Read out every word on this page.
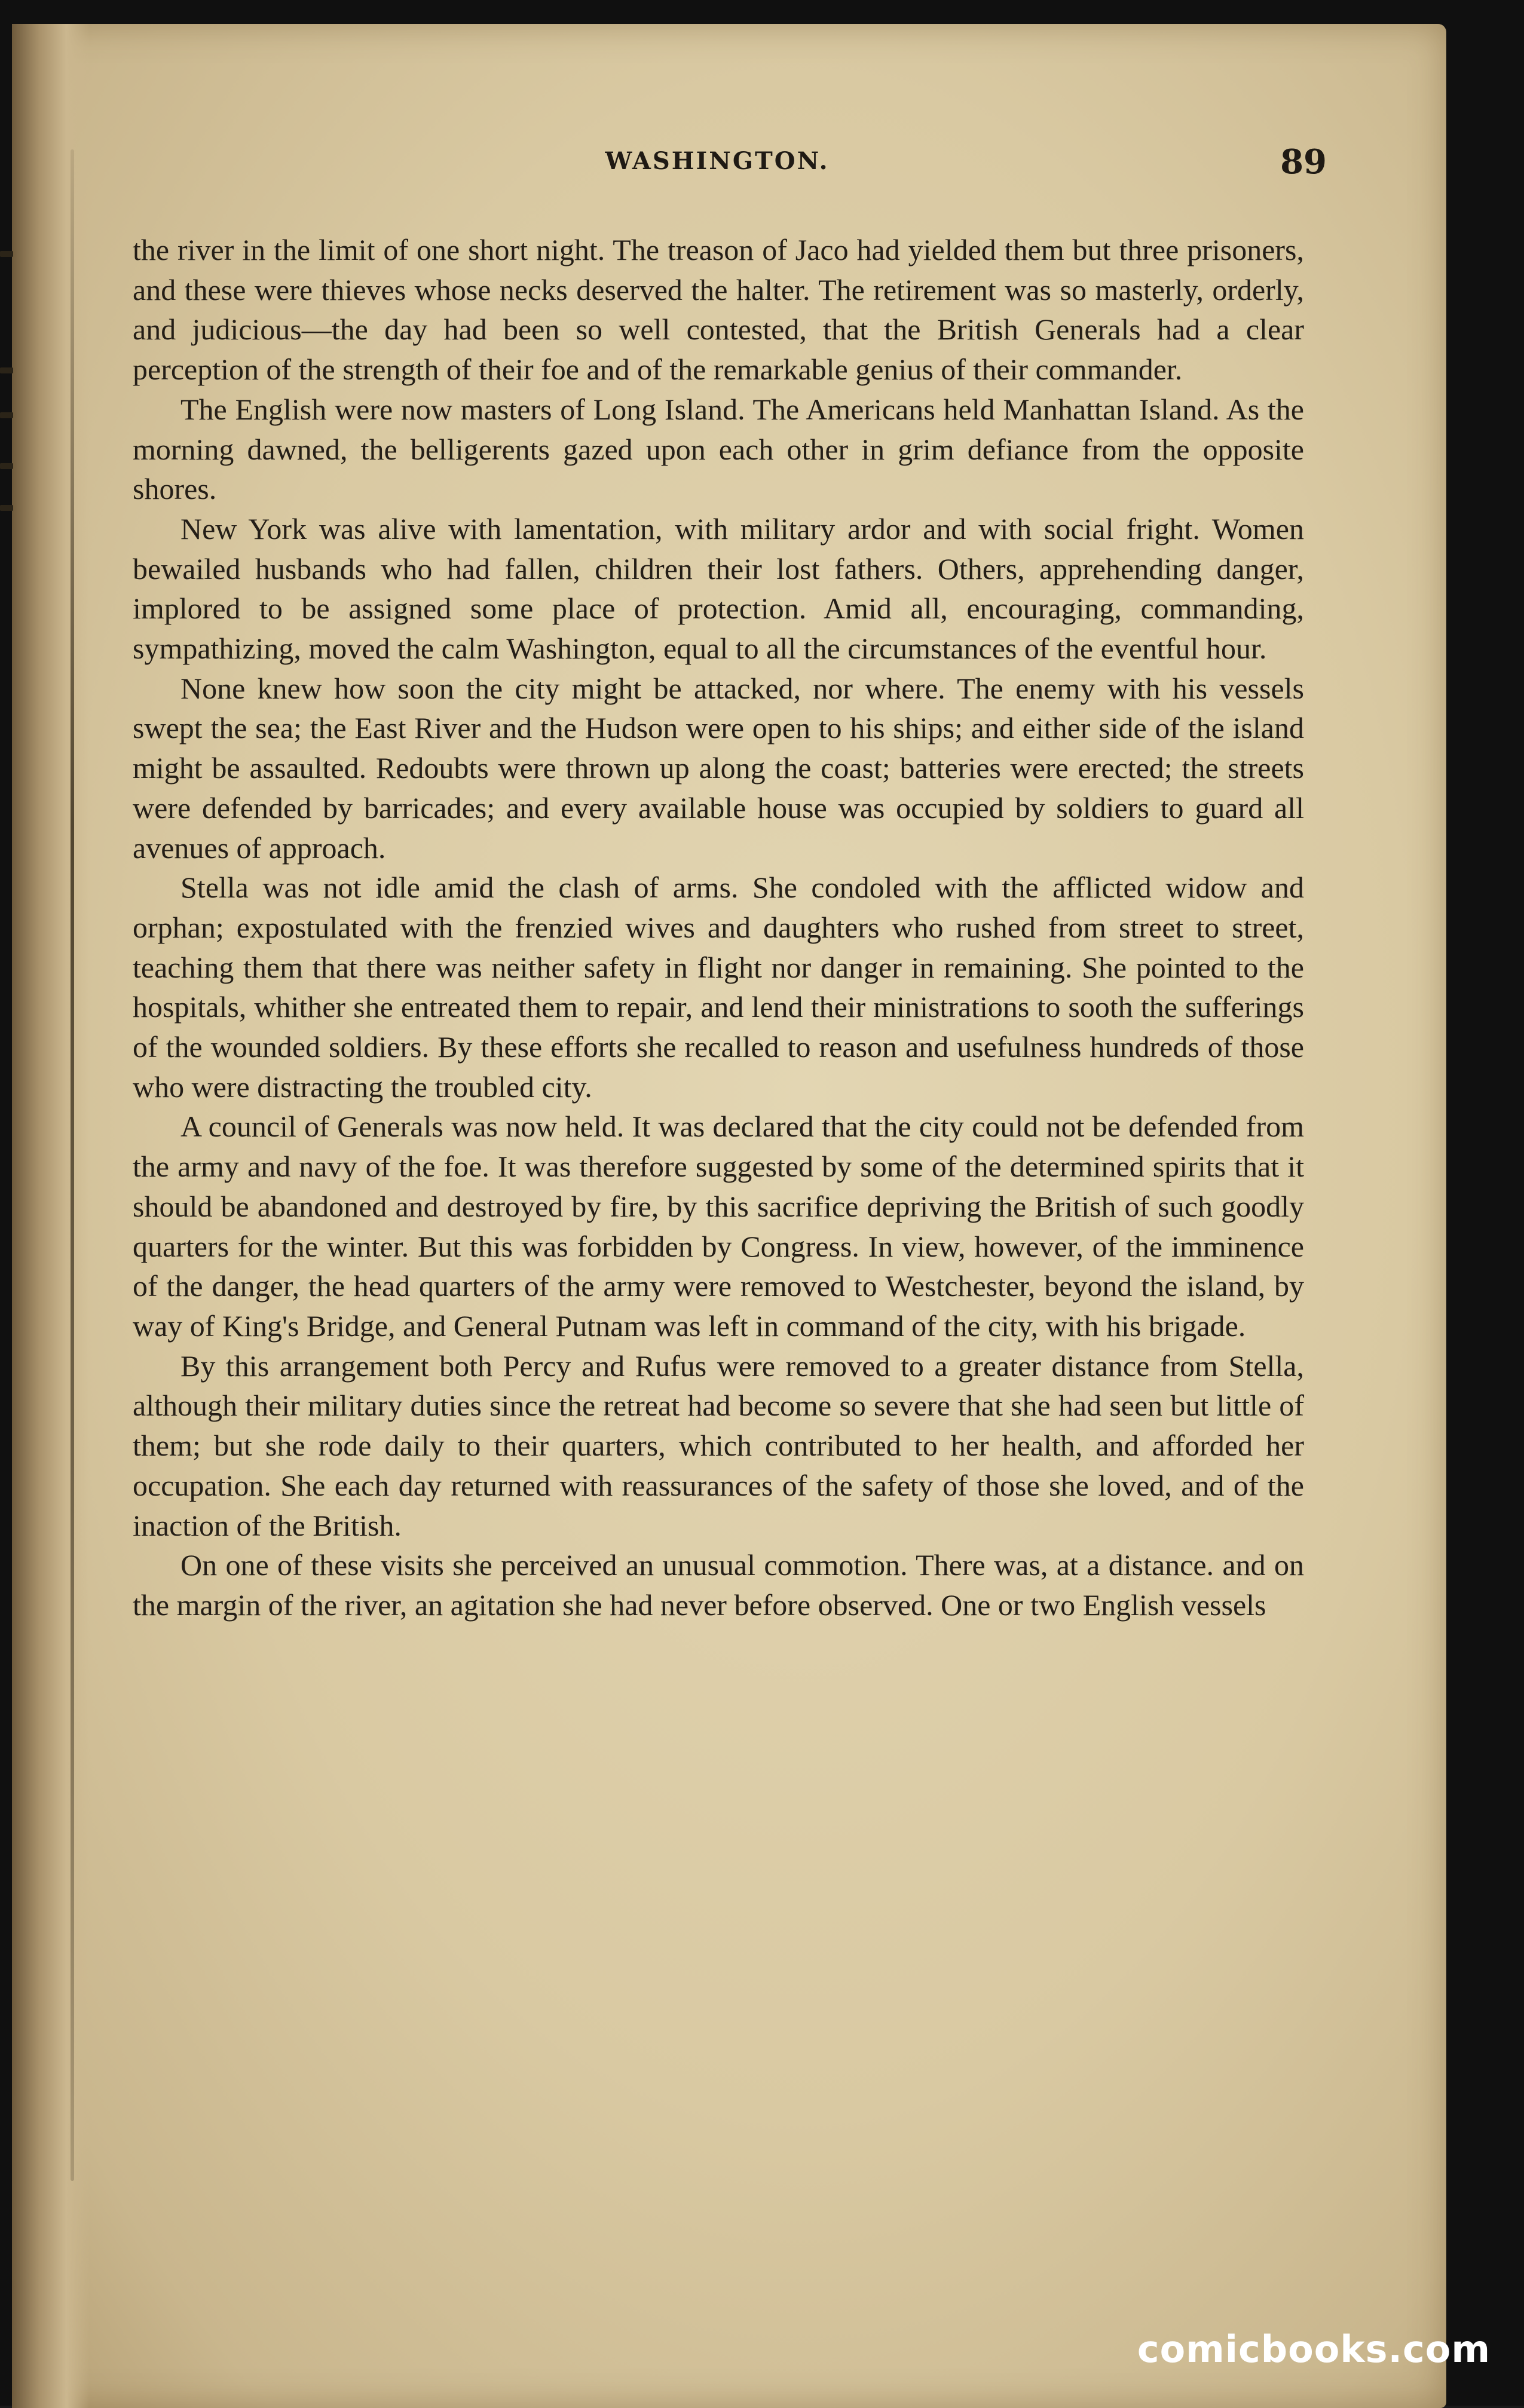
WASHINGTON.	89

the river in the limit of one short night. The treason of Jaco had yielded them but three prisoners, and these were thieves whose necks deserved the halter. The retirement was so masterly, orderly, and judicious—the day had been so well contested, that the British Generals had a clear perception of the strength of their foe and of the remarkable genius of their commander.

The English were now masters of Long Island. The Americans held Manhattan Island. As the morning dawned, the belligerents gazed upon each other in grim defiance from the opposite shores.

New York was alive with lamentation, with military ardor and with social fright. Women bewailed husbands who had fallen, children their lost fathers. Others, apprehending danger, implored to be assigned some place of protection. Amid all, encouraging, commanding, sympathizing, moved the calm Washington, equal to all the circumstances of the eventful hour.

None knew how soon the city might be attacked, nor where. The enemy with his vessels swept the sea; the East River and the Hudson were open to his ships; and either side of the island might be assaulted. Redoubts were thrown up along the coast; batteries were erected; the streets were defended by barricades; and every available house was occupied by soldiers to guard all avenues of approach.

Stella was not idle amid the clash of arms. She condoled with the afflicted widow and orphan; expostulated with the frenzied wives and daughters who rushed from street to street, teaching them that there was neither safety in flight nor danger in remaining. She pointed to the hospitals, whither she entreated them to repair, and lend their ministrations to sooth the sufferings of the wounded soldiers. By these efforts she recalled to reason and usefulness hundreds of those who were distracting the troubled city.

A council of Generals was now held. It was declared that the city could not be defended from the army and navy of the foe. It was therefore suggested by some of the determined spirits that it should be abandoned and destroyed by fire, by this sacrifice depriving the British of such goodly quarters for the winter. But this was forbidden by Congress. In view, however, of the imminence of the danger, the head quarters of the army were removed to Westchester, beyond the island, by way of King's Bridge, and General Putnam was left in command of the city, with his brigade.

By this arrangement both Percy and Rufus were removed to a greater distance from Stella, although their military duties since the retreat had become so severe that she had seen but little of them; but she rode daily to their quarters, which contributed to her health, and afforded her occupation. She each day returned with reassurances of the safety of those she loved, and of the inaction of the British.

On one of these visits she perceived an unusual commotion. There was, at a distance. and on the margin of the river, an agitation she had never before observed. One or two English vessels

comicbooks.com
